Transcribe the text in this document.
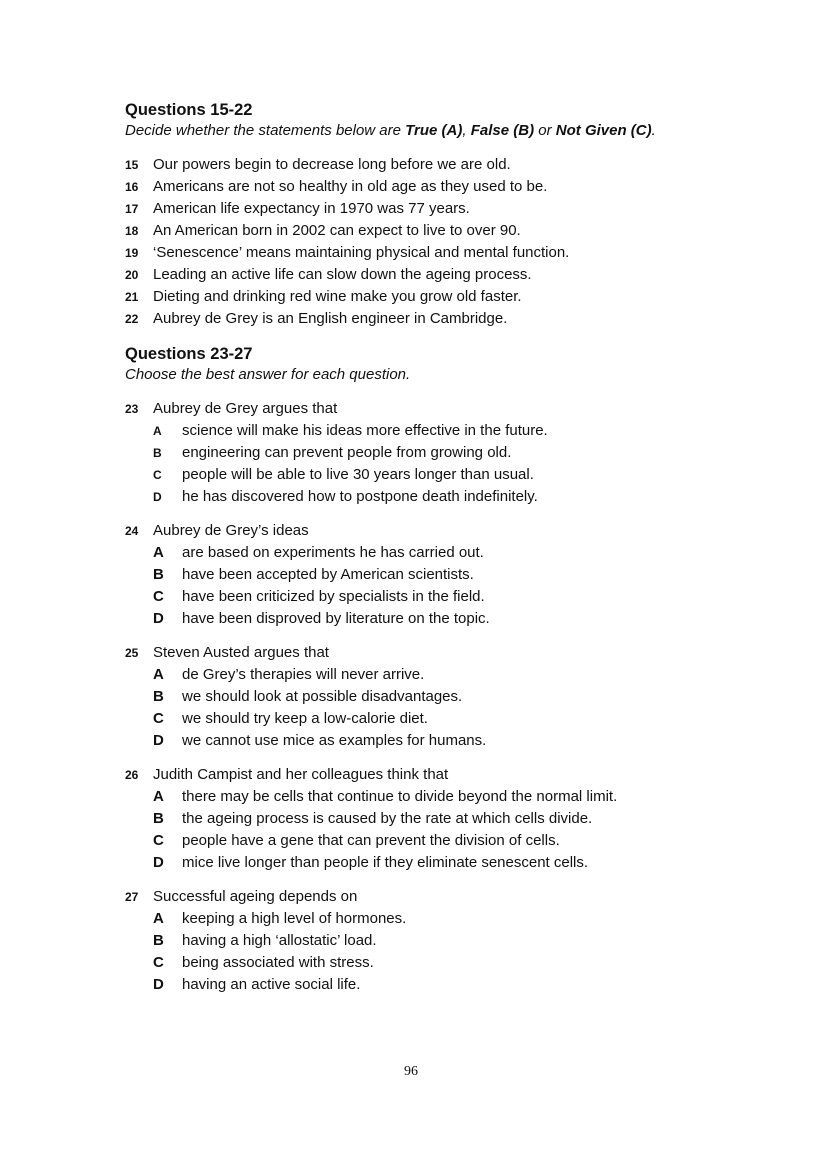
Questions 15-22

Decide whether the statements below are True (A), False (B) or Not Given (C).

15 Our powers begin to decrease long before we are old.
16 Americans are not so healthy in old age as they used to be.
17 American life expectancy in 1970 was 77 years.
18 An American born in 2002 can expect to live to over 90.
19 ‘Senescence’ means maintaining physical and mental function.
20 Leading an active life can slow down the ageing process.
21 Dieting and drinking red wine make you grow old faster.
22 Aubrey de Grey is an English engineer in Cambridge.

Questions 23-27

Choose the best answer for each question.

23 Aubrey de Grey argues that
A	science will make his ideas more effective in the future.
B	engineering can prevent people from growing old.
C	people will be able to live 30 years longer than usual.
D	he has discovered how to postpone death indefinitely.
24 Aubrey de Grey’s ideas
A	are based on experiments he has carried out.
B	have been accepted by American scientists.
C	have been criticized by specialists in the field.
D	have been disproved by literature on the topic.
25 Steven Austed argues that
A	de Grey’s therapies will never arrive.
B	we should look at possible disadvantages.
C	we should try keep a low-calorie diet.
D	we cannot use mice as examples for humans.
26 Judith Campist and her colleagues think that
A	there may be cells that continue to divide beyond the normal limit.
B	the ageing process is caused by the rate at which cells divide.
C	people have a gene that can prevent the division of cells.
D	mice live longer than people if they eliminate senescent cells.
27 Successful ageing depends on
A	keeping a high level of hormones.
B	having a high ‘allostatic’ load.
C	being associated with stress.
D	having an active social life.
96
